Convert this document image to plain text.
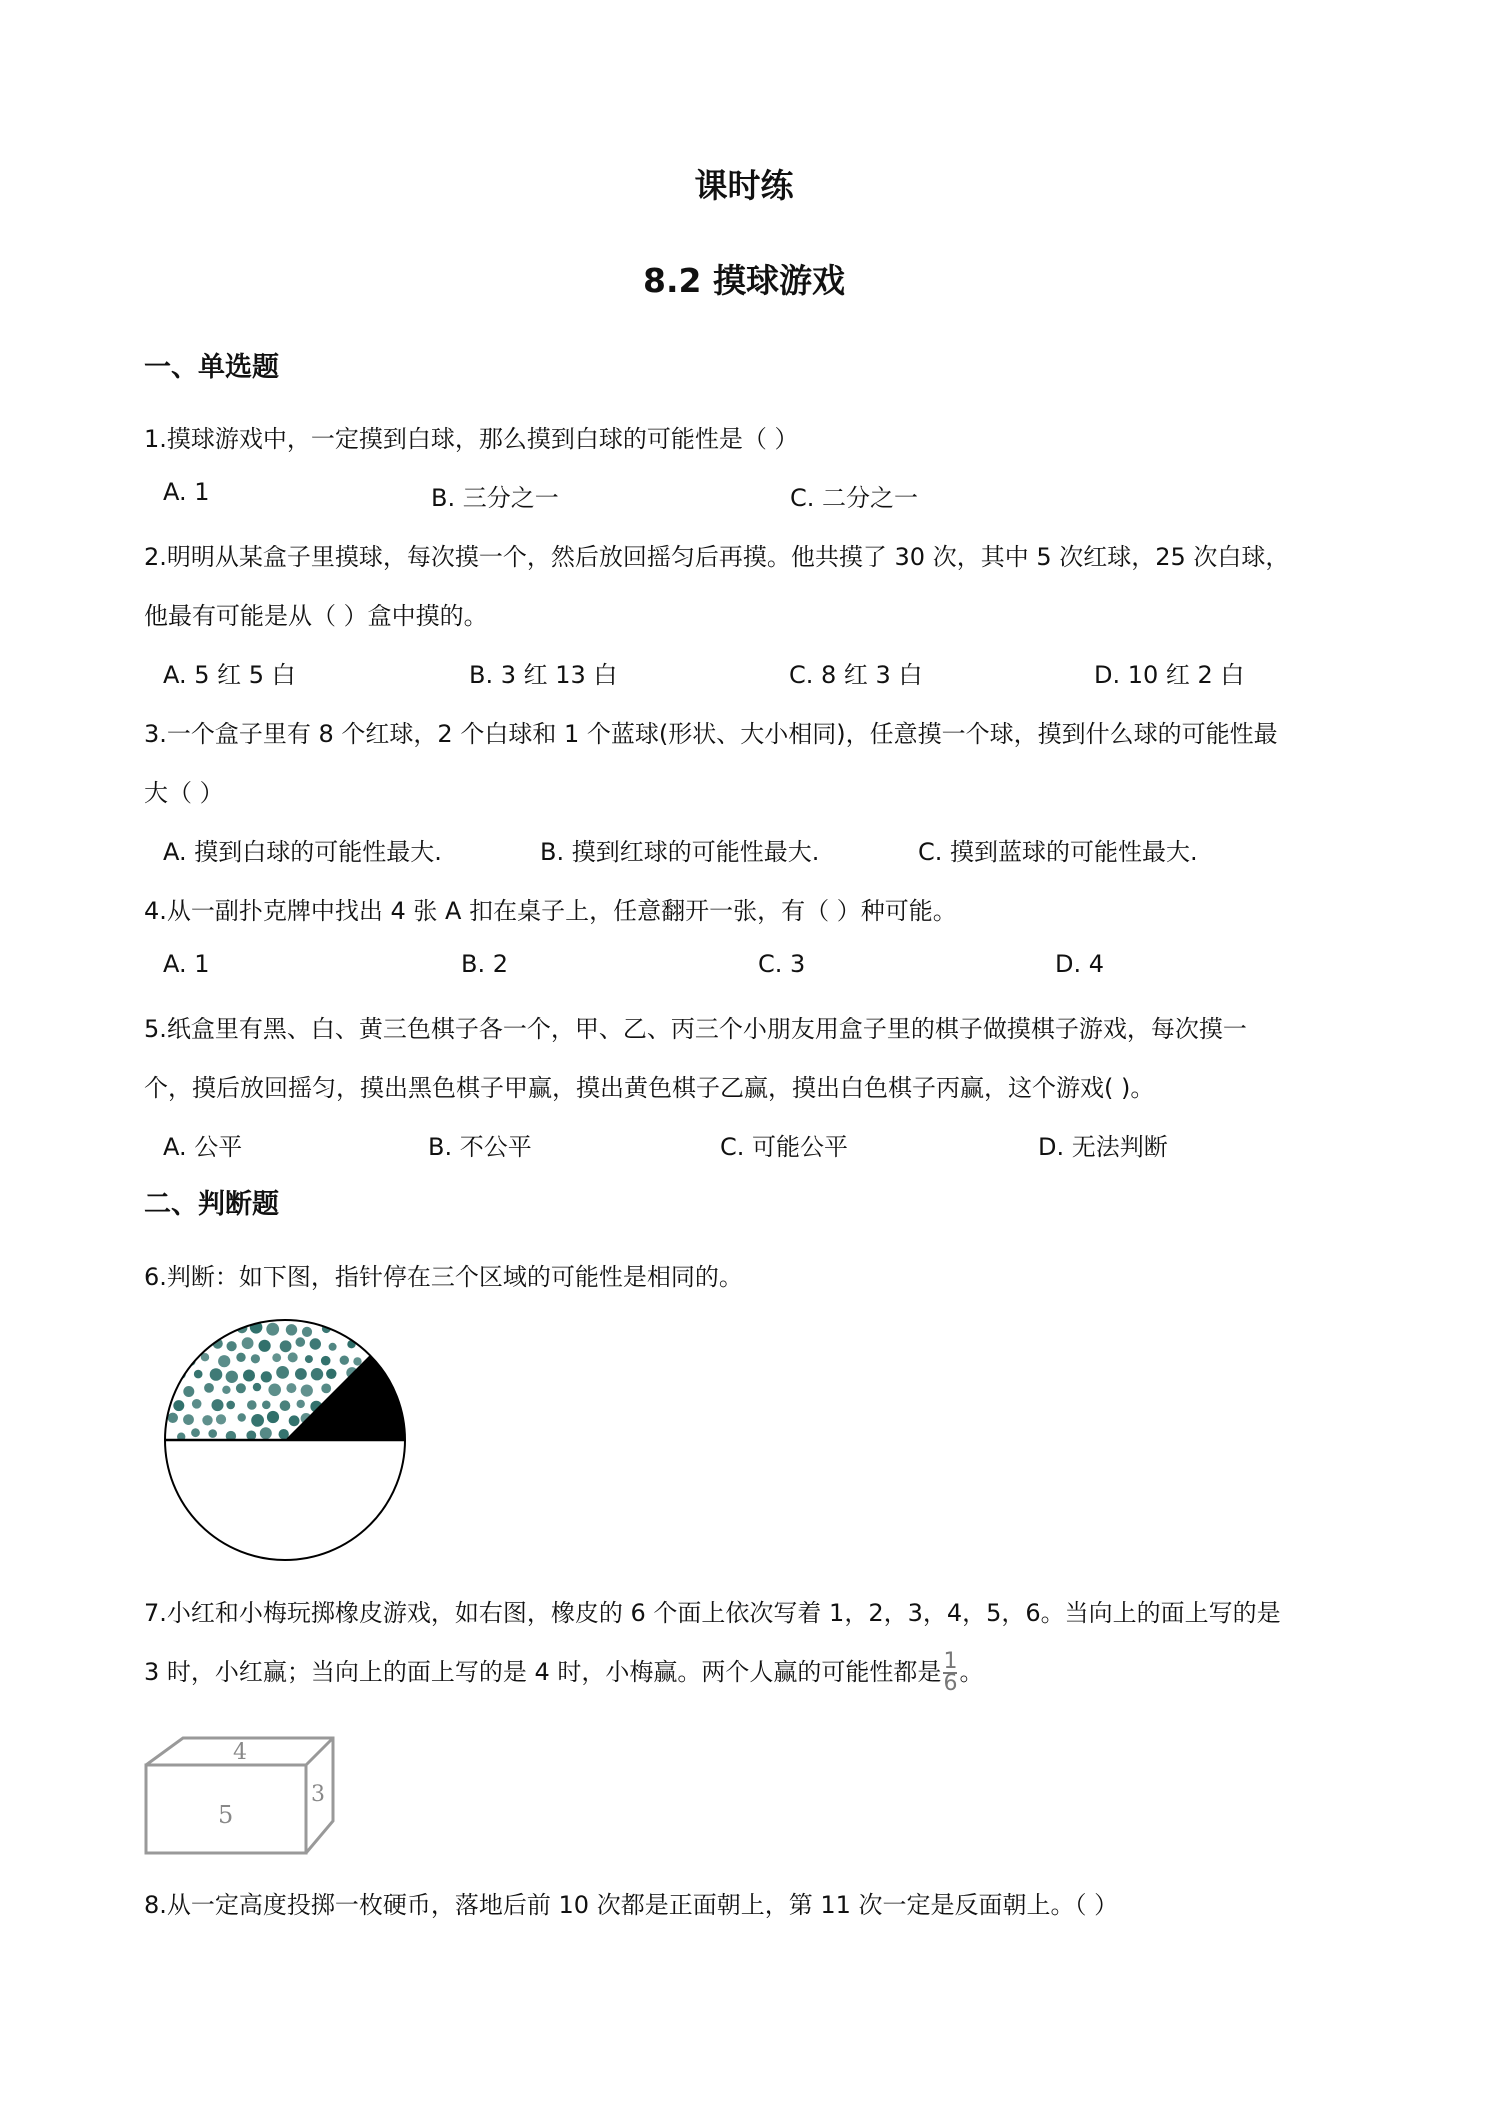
课时练
8.2 摸球游戏
一、单选题
1.摸球游戏中，一定摸到白球，那么摸到白球的可能性是（ ）
A. 1	B. 三分之一	C. 二分之一
2.明明从某盒子里摸球，每次摸一个，然后放回摇匀后再摸。他共摸了 30 次，其中 5 次红球，25 次白球，
他最有可能是从（ ）盒中摸的。
A. 5 红 5 白	B. 3 红 13 白	C. 8 红 3 白	D. 10 红 2 白
3.一个盒子里有 8 个红球，2 个白球和 1 个蓝球(形状、大小相同)，任意摸一个球，摸到什么球的可能性最
大（ ）
A. 摸到白球的可能性最大.	B. 摸到红球的可能性最大.	C. 摸到蓝球的可能性最大.
4.从一副扑克牌中找出 4 张 A 扣在桌子上，任意翻开一张，有（ ）种可能。
A. 1	B. 2	C. 3	D. 4
5.纸盒里有黑、白、黄三色棋子各一个，甲、乙、丙三个小朋友用盒子里的棋子做摸棋子游戏，每次摸一
个，摸后放回摇匀，摸出黑色棋子甲赢，摸出黄色棋子乙赢，摸出白色棋子丙赢，这个游戏( )。
A. 公平	B. 不公平	C. 可能公平	D. 无法判断
二、判断题
6.判断：如下图，指针停在三个区域的可能性是相同的。
7.小红和小梅玩掷橡皮游戏，如右图，橡皮的 6 个面上依次写着 1，2，3，4，5，6。当向上的面上写的是
3 时，小红赢；当向上的面上写的是 4 时，小梅赢。两个人赢的可能性都是 $\frac{1}{6}$ 。
4
5
3
8.从一定高度投掷一枚硬币，落地后前 10 次都是正面朝上，第 11 次一定是反面朝上。（ ）
